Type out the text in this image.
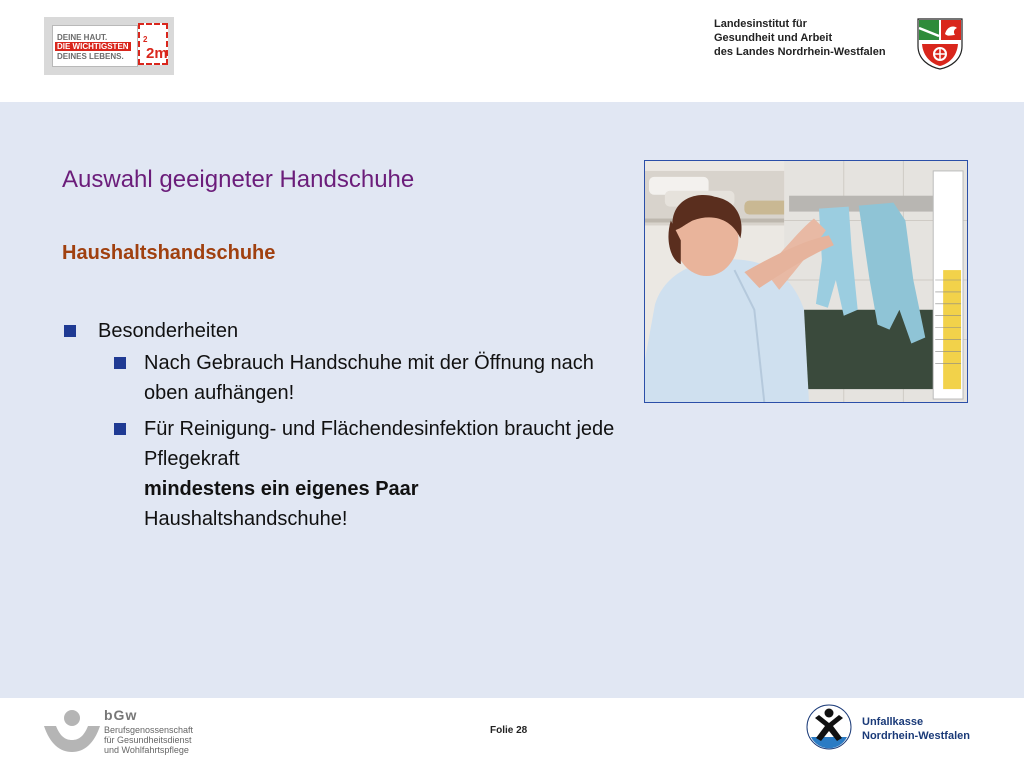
DEINE HAUT.
DIE WICHTIGSTEN
DEINES LEBENS. 2m
$^2$
Landesinstitut für
Gesundheit und Arbeit
des Landes Nordrhein-Westfalen
Auswahl geeigneter Handschuhe
Haushaltshandschuhe
Besonderheiten
Nach Gebrauch Handschuhe mit der Öffnung nach oben aufhängen!
Für Reinigung- und Flächendesinfektion braucht jede Pflegekraft
mindestens ein eigenes Paar
Haushaltshandschuhe!
bGw
Berufsgenossenschaft
für Gesundheitsdienst
und Wohlfahrtspflege
Folie 28
Unfallkasse
Nordrhein-Westfalen
